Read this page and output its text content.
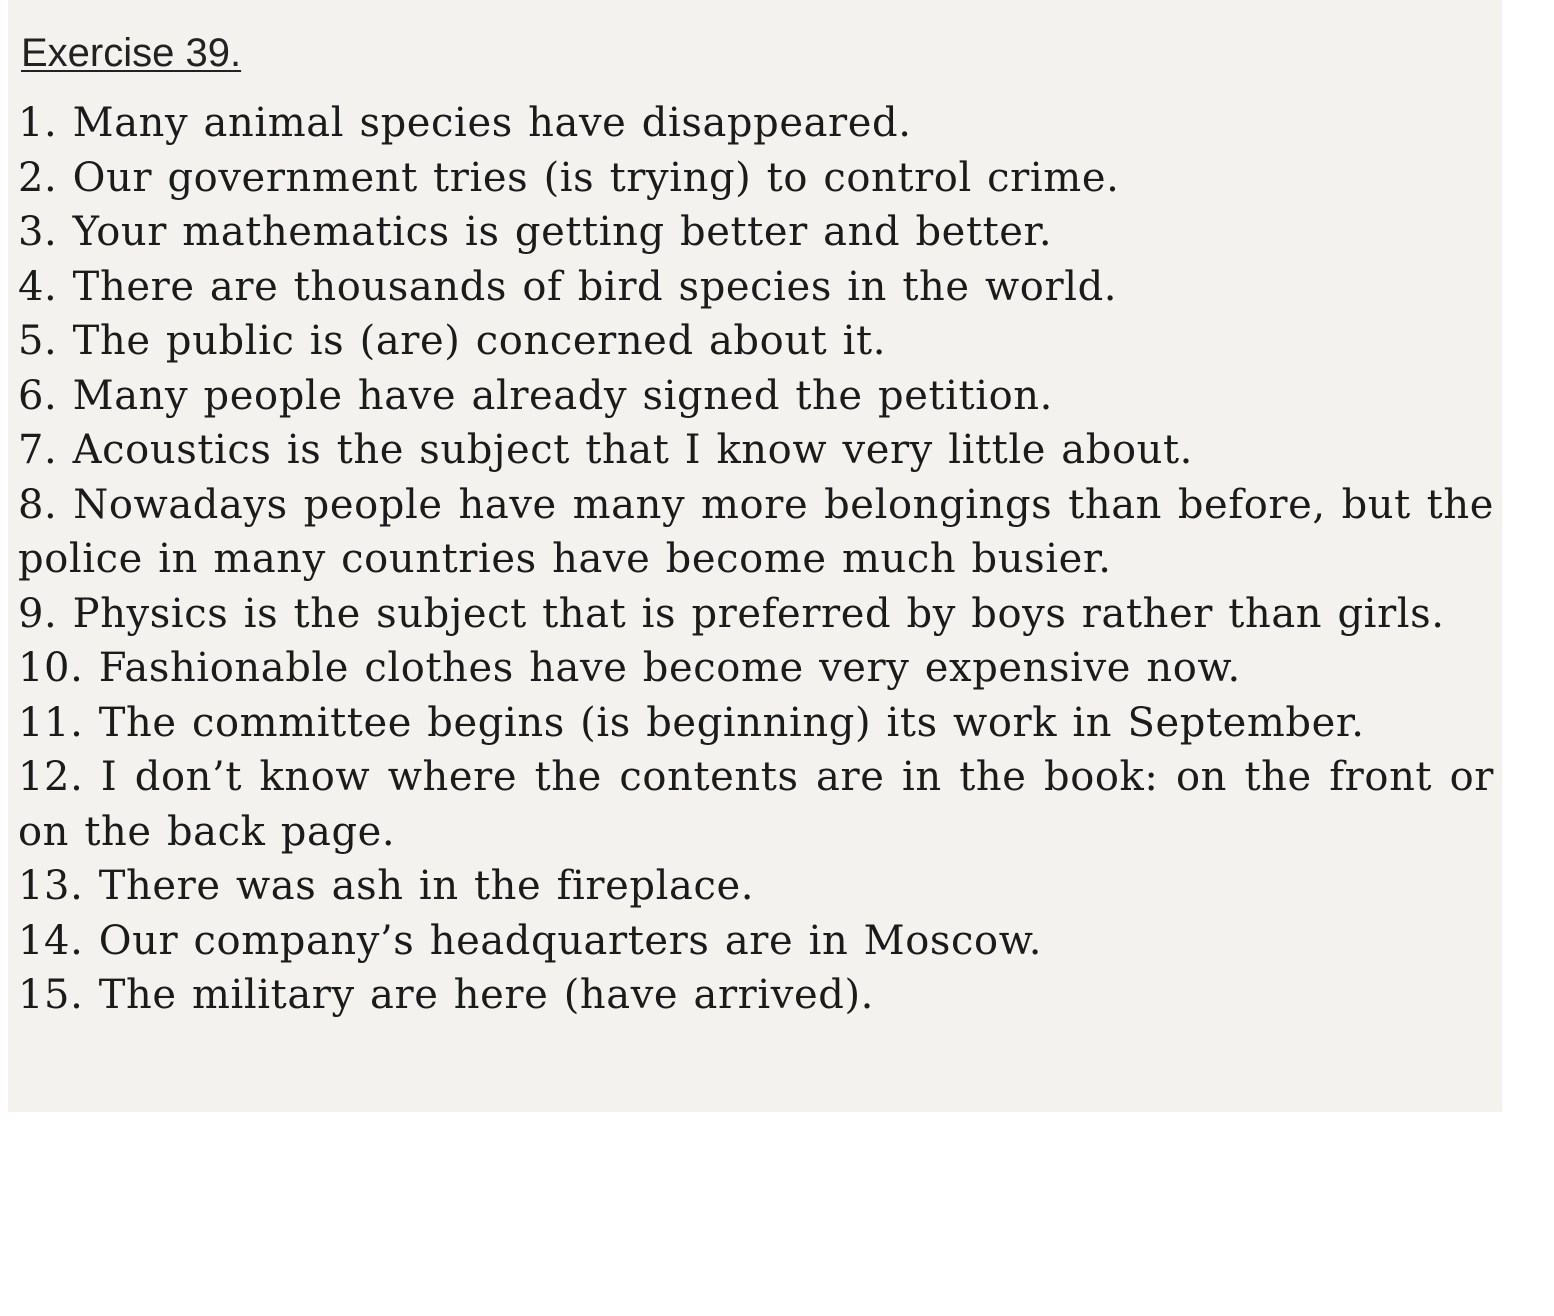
Exercise 39.
1. Many animal species have disappeared.
2. Our government tries (is trying) to control crime.
3. Your mathematics is getting better and better.
4. There are thousands of bird species in the world.
5. The public is (are) concerned about it.
6. Many people have already signed the petition.
7. Acoustics is the subject that I know very little about.
8. Nowadays people have many more belongings than before, but the police in many countries have become much busier.
9. Physics is the subject that is preferred by boys rather than girls.
10. Fashionable clothes have become very expensive now.
11. The committee begins (is beginning) its work in September.
12. I don’t know where the contents are in the book: on the front or on the back page.
13. There was ash in the fireplace.
14. Our company’s headquarters are in Moscow.
15. The military are here (have arrived).
